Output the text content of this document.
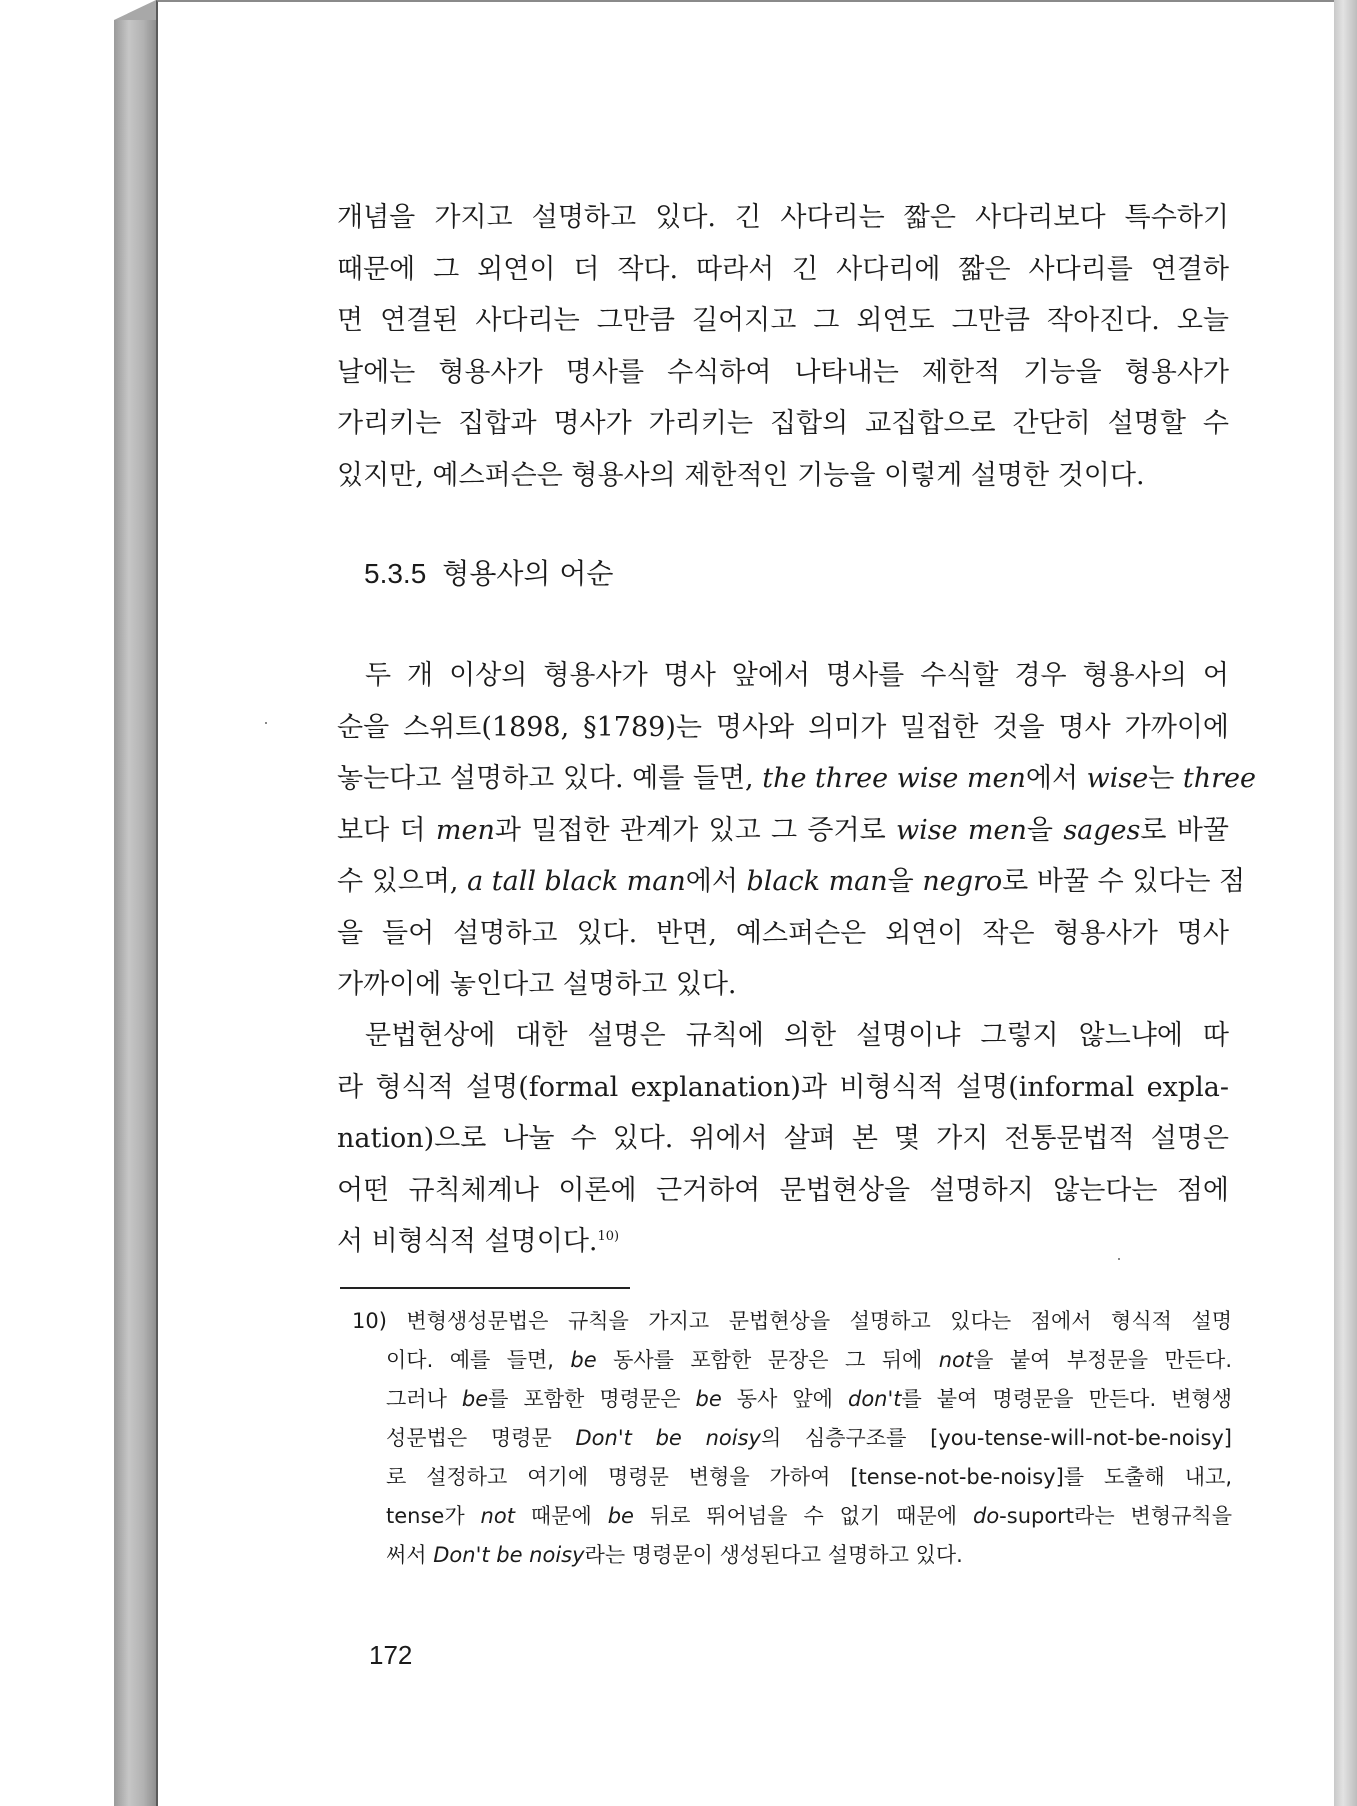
개념을 가지고 설명하고 있다. 긴 사다리는 짧은 사다리보다 특수하기
때문에 그 외연이 더 작다. 따라서 긴 사다리에 짧은 사다리를 연결하
면 연결된 사다리는 그만큼 길어지고 그 외연도 그만큼 작아진다. 오늘
날에는 형용사가 명사를 수식하여 나타내는 제한적 기능을 형용사가
가리키는 집합과 명사가 가리키는 집합의 교집합으로 간단히 설명할 수
있지만, 예스퍼슨은 형용사의 제한적인 기능을 이렇게 설명한 것이다.
5.3.5 형용사의 어순
두 개 이상의 형용사가 명사 앞에서 명사를 수식할 경우 형용사의 어
순을 스위트(1898, §1789)는 명사와 의미가 밀접한 것을 명사 가까이에
놓는다고 설명하고 있다. 예를 들면, the three wise men에서 wise는 three
보다 더 men과 밀접한 관계가 있고 그 증거로 wise men을 sages로 바꿀
수 있으며, a tall black man에서 black man을 negro로 바꿀 수 있다는 점
을 들어 설명하고 있다. 반면, 예스퍼슨은 외연이 작은 형용사가 명사
가까이에 놓인다고 설명하고 있다.
문법현상에 대한 설명은 규칙에 의한 설명이냐 그렇지 않느냐에 따
라 형식적 설명(formal explanation)과 비형식적 설명(informal expla-
nation)으로 나눌 수 있다. 위에서 살펴 본 몇 가지 전통문법적 설명은
어떤 규칙체계나 이론에 근거하여 문법현상을 설명하지 않는다는 점에
서 비형식적 설명이다.$^{10)}$
10) 변형생성문법은 규칙을 가지고 문법현상을 설명하고 있다는 점에서 형식적 설명
이다. 예를 들면, be 동사를 포함한 문장은 그 뒤에 not을 붙여 부정문을 만든다.
그러나 be를 포함한 명령문은 be 동사 앞에 don't를 붙여 명령문을 만든다. 변형생
성문법은 명령문 Don't be noisy의 심층구조를 [you-tense-will-not-be-noisy]
로 설정하고 여기에 명령문 변형을 가하여 [tense-not-be-noisy]를 도출해 내고,
tense가 not 때문에 be 뒤로 뛰어넘을 수 없기 때문에 do-suport라는 변형규칙을
써서 Don't be noisy라는 명령문이 생성된다고 설명하고 있다.
172
